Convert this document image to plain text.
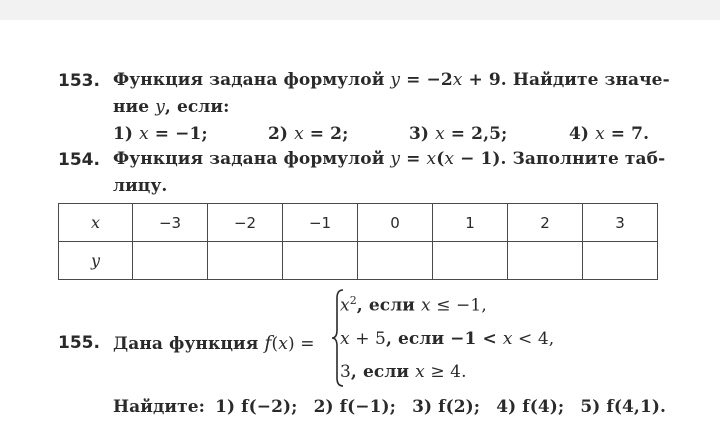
153. Функция задана формулой y = −2x + 9. Найдите значе-
ние y, если:
1) x = −1;	2) x = 2;	3) x = 2,5;	4) x = 7.
154. Функция задана формулой y = x(x − 1). Заполните таб-
лицу.
x	−3	−2	−1	0	1	2	3
y							
155. Дана функция f(x) =
$x^2$, если x ≤ −1,
x + 5, если −1 < x < 4,
3, если x ≥ 4.
Найдите: 1) f(−2); 2) f(−1); 3) f(2); 4) f(4); 5) f(4,1).
